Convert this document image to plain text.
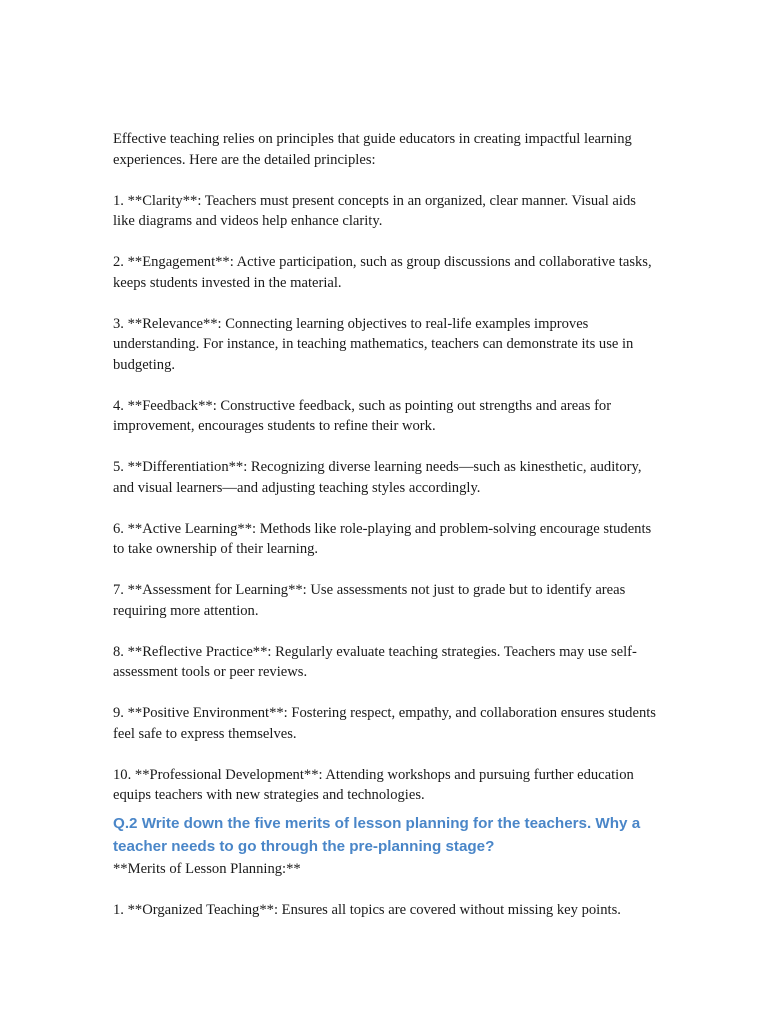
Effective teaching relies on principles that guide educators in creating impactful learning experiences. Here are the detailed principles:

1. **Clarity**: Teachers must present concepts in an organized, clear manner. Visual aids like diagrams and videos help enhance clarity.

2. **Engagement**: Active participation, such as group discussions and collaborative tasks, keeps students invested in the material.

3. **Relevance**: Connecting learning objectives to real-life examples improves understanding. For instance, in teaching mathematics, teachers can demonstrate its use in budgeting.

4. **Feedback**: Constructive feedback, such as pointing out strengths and areas for improvement, encourages students to refine their work.

5. **Differentiation**: Recognizing diverse learning needs—such as kinesthetic, auditory, and visual learners—and adjusting teaching styles accordingly.

6. **Active Learning**: Methods like role-playing and problem-solving encourage students to take ownership of their learning.

7. **Assessment for Learning**: Use assessments not just to grade but to identify areas requiring more attention.

8. **Reflective Practice**: Regularly evaluate teaching strategies. Teachers may use self-assessment tools or peer reviews.

9. **Positive Environment**: Fostering respect, empathy, and collaboration ensures students feel safe to express themselves.

10. **Professional Development**: Attending workshops and pursuing further education equips teachers with new strategies and technologies.

Q.2 Write down the five merits of lesson planning for the teachers. Why a teacher needs to go through the pre-planning stage?

**Merits of Lesson Planning:**

1. **Organized Teaching**: Ensures all topics are covered without missing key points.
